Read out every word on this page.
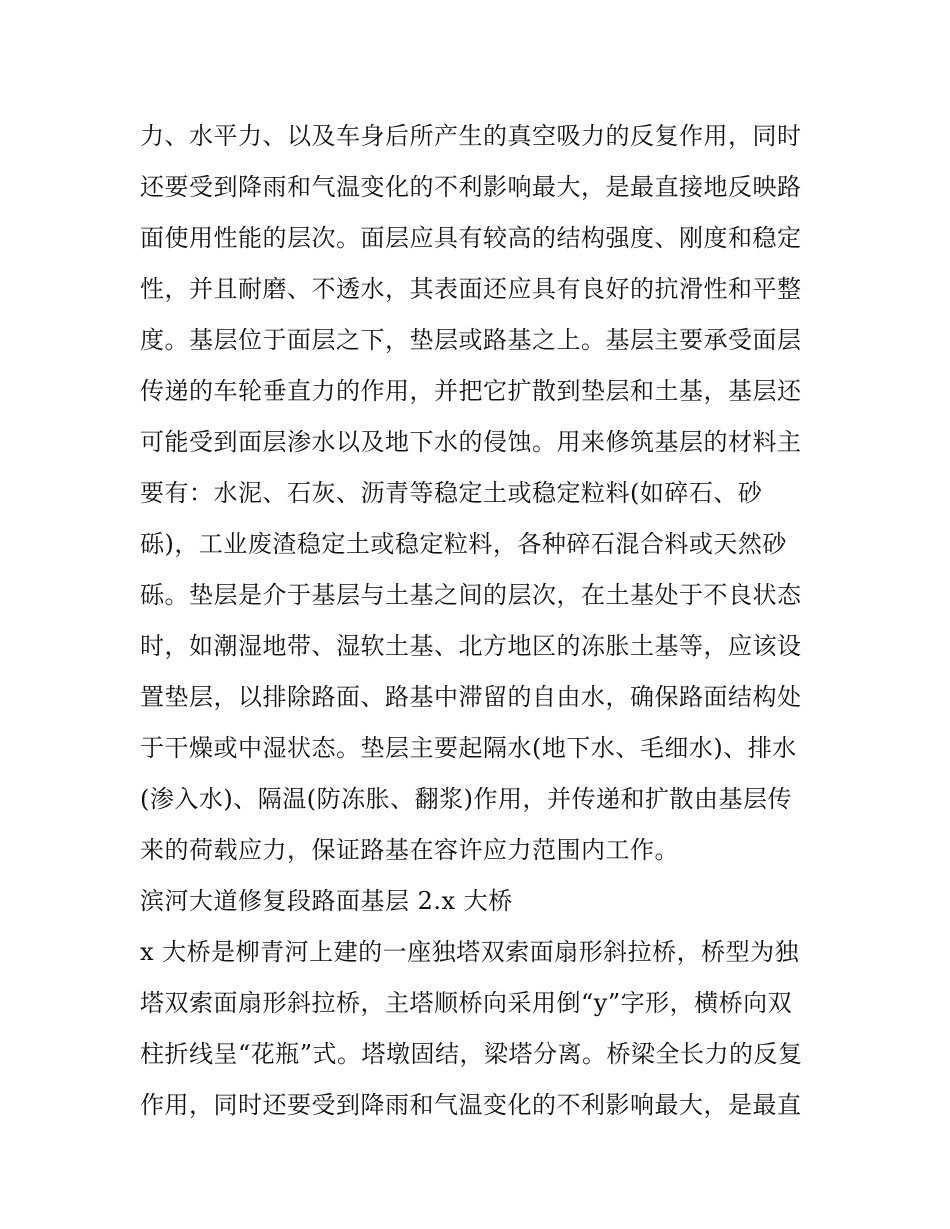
力、水平力、以及车身后所产生的真空吸力的反复作用，同时
还要受到降雨和气温变化的不利影响最大，是最直接地反映路
面使用性能的层次。面层应具有较高的结构强度、刚度和稳定
性，并且耐磨、不透水，其表面还应具有良好的抗滑性和平整
度。基层位于面层之下，垫层或路基之上。基层主要承受面层
传递的车轮垂直力的作用，并把它扩散到垫层和土基，基层还
可能受到面层渗水以及地下水的侵蚀。用来修筑基层的材料主
要有：水泥、石灰、沥青等稳定土或稳定粒料(如碎石、砂
砾)，工业废渣稳定土或稳定粒料，各种碎石混合料或天然砂
砾。垫层是介于基层与土基之间的层次，在土基处于不良状态
时，如潮湿地带、湿软土基、北方地区的冻胀土基等，应该设
置垫层，以排除路面、路基中滞留的自由水，确保路面结构处
于干燥或中湿状态。垫层主要起隔水(地下水、毛细水)、排水
(渗入水)、隔温(防冻胀、翻浆)作用，并传递和扩散由基层传
来的荷载应力，保证路基在容许应力范围内工作。
滨河大道修复段路面基层 2.x 大桥
x 大桥是柳青河上建的一座独塔双索面扇形斜拉桥，桥型为独
塔双索面扇形斜拉桥，主塔顺桥向采用倒“y”字形，横桥向双
柱折线呈“花瓶”式。塔墩固结，梁塔分离。桥梁全长力的反复
作用，同时还要受到降雨和气温变化的不利影响最大，是最直
